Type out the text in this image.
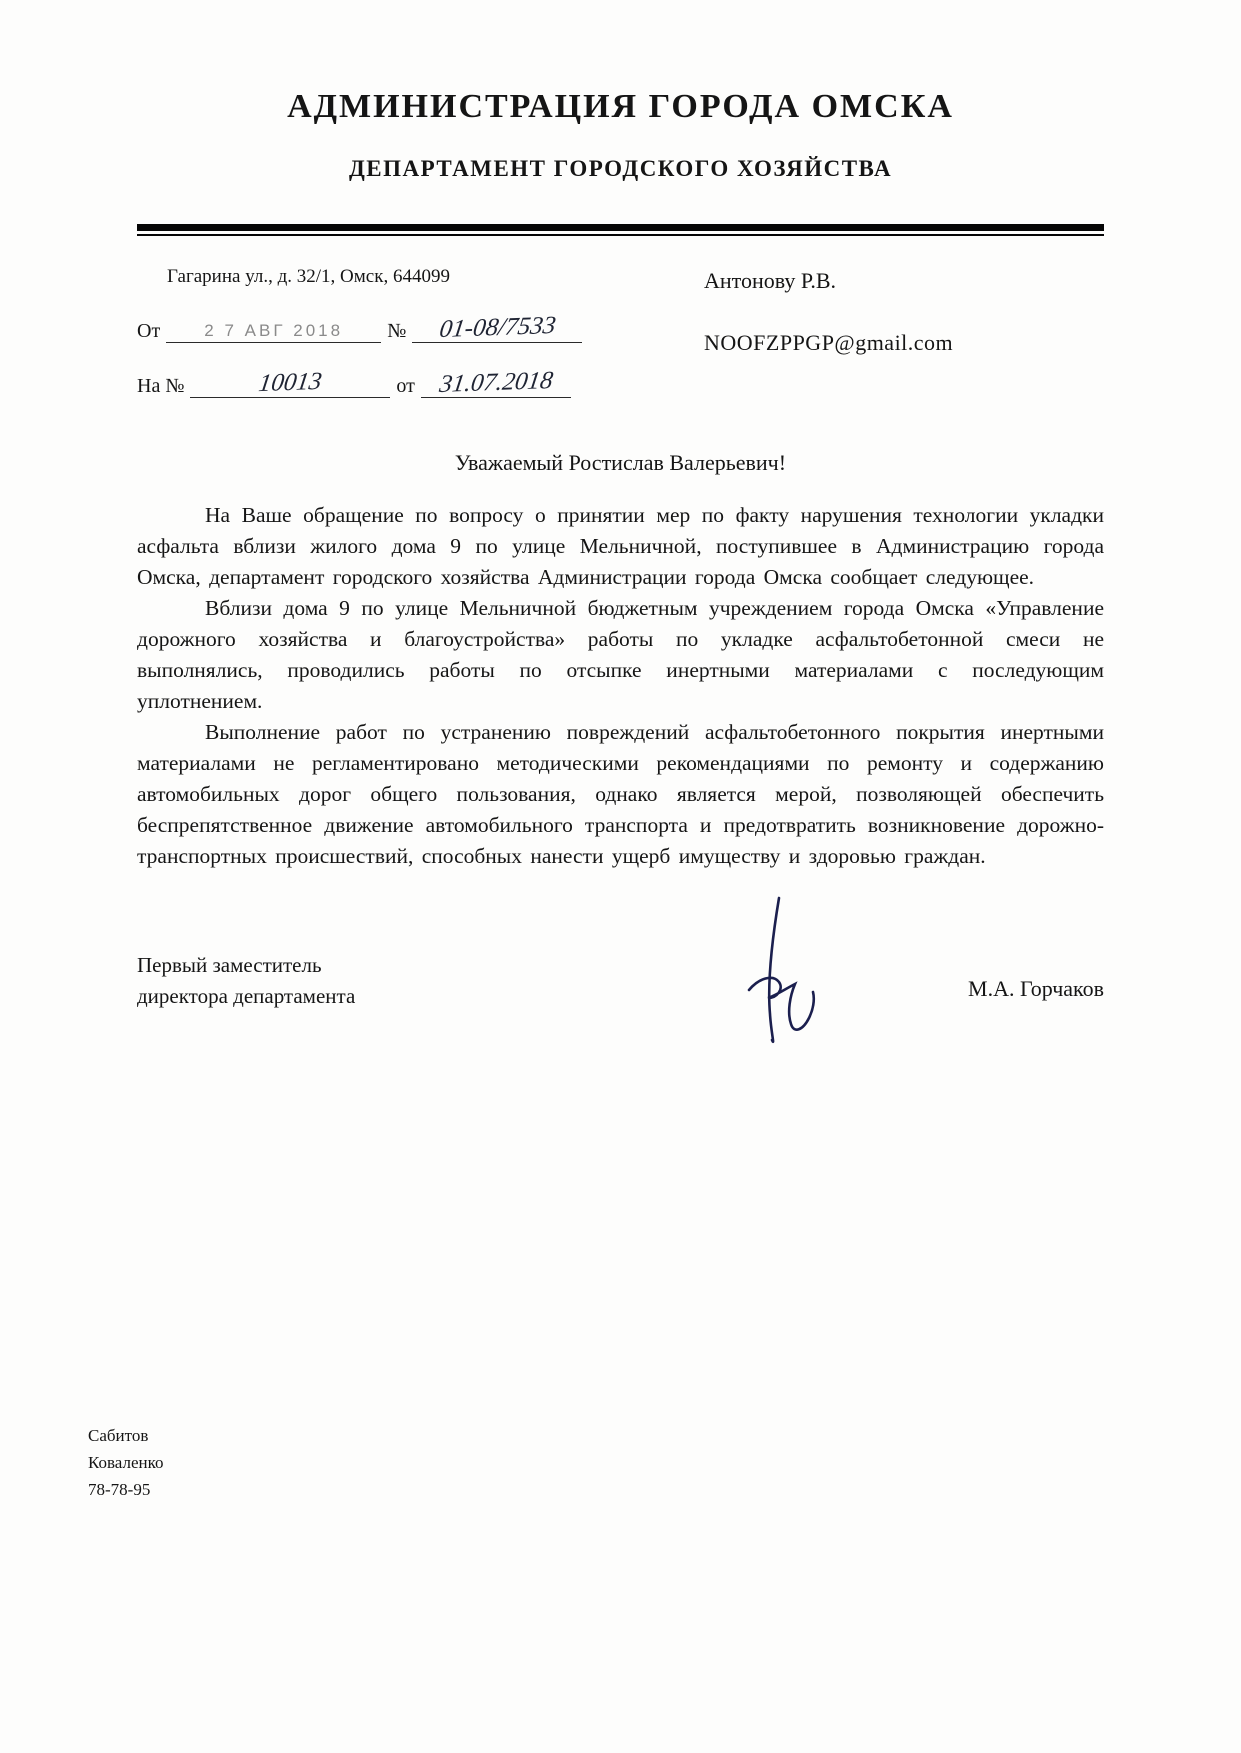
АДМИНИСТРАЦИЯ ГОРОДА ОМСКА
ДЕПАРТАМЕНТ ГОРОДСКОГО ХОЗЯЙСТВА
Гагарина ул., д. 32/1, Омск, 644099
От	2 7 АВГ 2018	№	01-08/7533
На №	10013	от 31.07.2018
Антонову Р.В.
NOOFZPPGP@gmail.com
Уважаемый Ростислав Валерьевич!

На Ваше обращение по вопросу о принятии мер по факту нарушения технологии укладки асфальта вблизи жилого дома 9 по улице Мельничной, поступившее в Администрацию города Омска, департамент городского хозяйства Администрации города Омска сообщает следующее.

Вблизи дома 9 по улице Мельничной бюджетным учреждением города Омска «Управление дорожного хозяйства и благоустройства» работы по укладке асфальтобетонной смеси не выполнялись, проводились работы по отсыпке инертными материалами с последующим уплотнением.

Выполнение работ по устранению повреждений асфальтобетонного покрытия инертными материалами не регламентировано методическими рекомендациями по ремонту и содержанию автомобильных дорог общего пользования, однако является мерой, позволяющей обеспечить беспрепятственное движение автомобильного транспорта и предотвратить возникновение дорожно-транспортных происшествий, способных нанести ущерб имуществу и здоровью граждан.

Первый заместитель
директора департамента	М.А. Горчаков
Сабитов
Коваленко
78-78-95
